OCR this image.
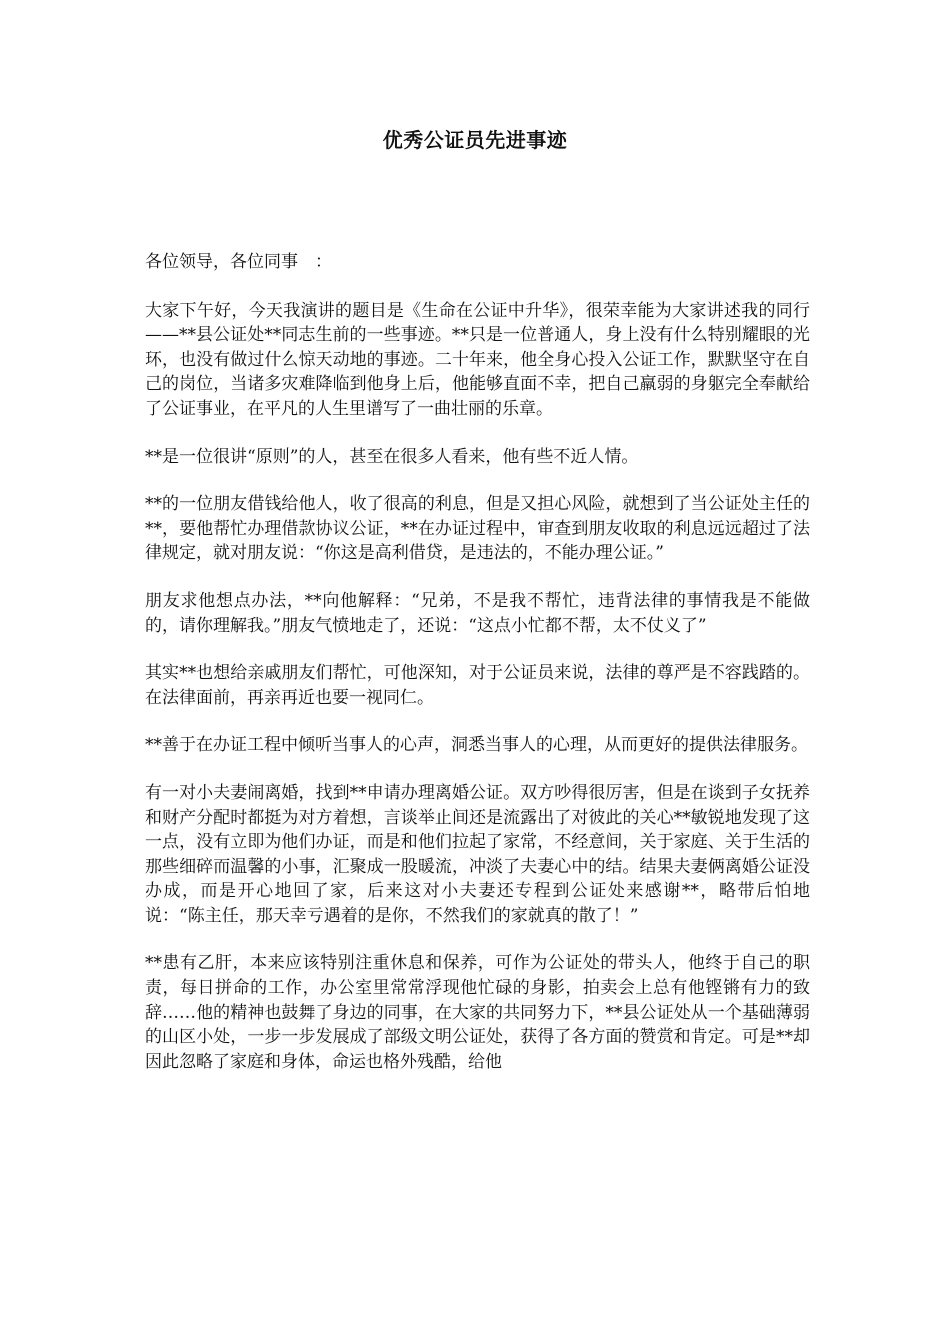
优秀公证员先进事迹

各位领导，各位同事　：

大家下午好，今天我演讲的题目是《生命在公证中升华》，很荣幸能为大家讲述我的同行——**县公证处**同志生前的一些事迹。**只是一位普通人，身上没有什么特别耀眼的光环，也没有做过什么惊天动地的事迹。二十年来，他全身心投入公证工作，默默坚守在自己的岗位，当诸多灾难降临到他身上后，他能够直面不幸，把自己羸弱的身躯完全奉献给了公证事业，在平凡的人生里谱写了一曲壮丽的乐章。

**是一位很讲“原则”的人，甚至在很多人看来，他有些不近人情。

**的一位朋友借钱给他人，收了很高的利息，但是又担心风险，就想到了当公证处主任的**，要他帮忙办理借款协议公证，**在办证过程中，审查到朋友收取的利息远远超过了法律规定，就对朋友说：“你这是高利借贷，是违法的，不能办理公证。”

朋友求他想点办法，**向他解释：“兄弟，不是我不帮忙，违背法律的事情我是不能做的，请你理解我。”朋友气愤地走了，还说：“这点小忙都不帮，太不仗义了”

其实**也想给亲戚朋友们帮忙，可他深知，对于公证员来说，法律的尊严是不容践踏的。在法律面前，再亲再近也要一视同仁。

**善于在办证工程中倾听当事人的心声，洞悉当事人的心理，从而更好的提供法律服务。

有一对小夫妻闹离婚，找到**申请办理离婚公证。双方吵得很厉害，但是在谈到子女抚养和财产分配时都挺为对方着想，言谈举止间还是流露出了对彼此的关心**敏锐地发现了这一点，没有立即为他们办证，而是和他们拉起了家常，不经意间，关于家庭、关于生活的那些细碎而温馨的小事，汇聚成一股暖流，冲淡了夫妻心中的结。结果夫妻俩离婚公证没办成，而是开心地回了家，后来这对小夫妻还专程到公证处来感谢**，略带后怕地说：“陈主任，那天幸亏遇着的是你，不然我们的家就真的散了！”

**患有乙肝，本来应该特别注重休息和保养，可作为公证处的带头人，他终于自己的职责，每日拼命的工作，办公室里常常浮现他忙碌的身影，拍卖会上总有他铿锵有力的致辞……他的精神也鼓舞了身边的同事，在大家的共同努力下，**县公证处从一个基础薄弱的山区小处，一步一步发展成了部级文明公证处，获得了各方面的赞赏和肯定。可是**却因此忽略了家庭和身体，命运也格外残酷，给他
